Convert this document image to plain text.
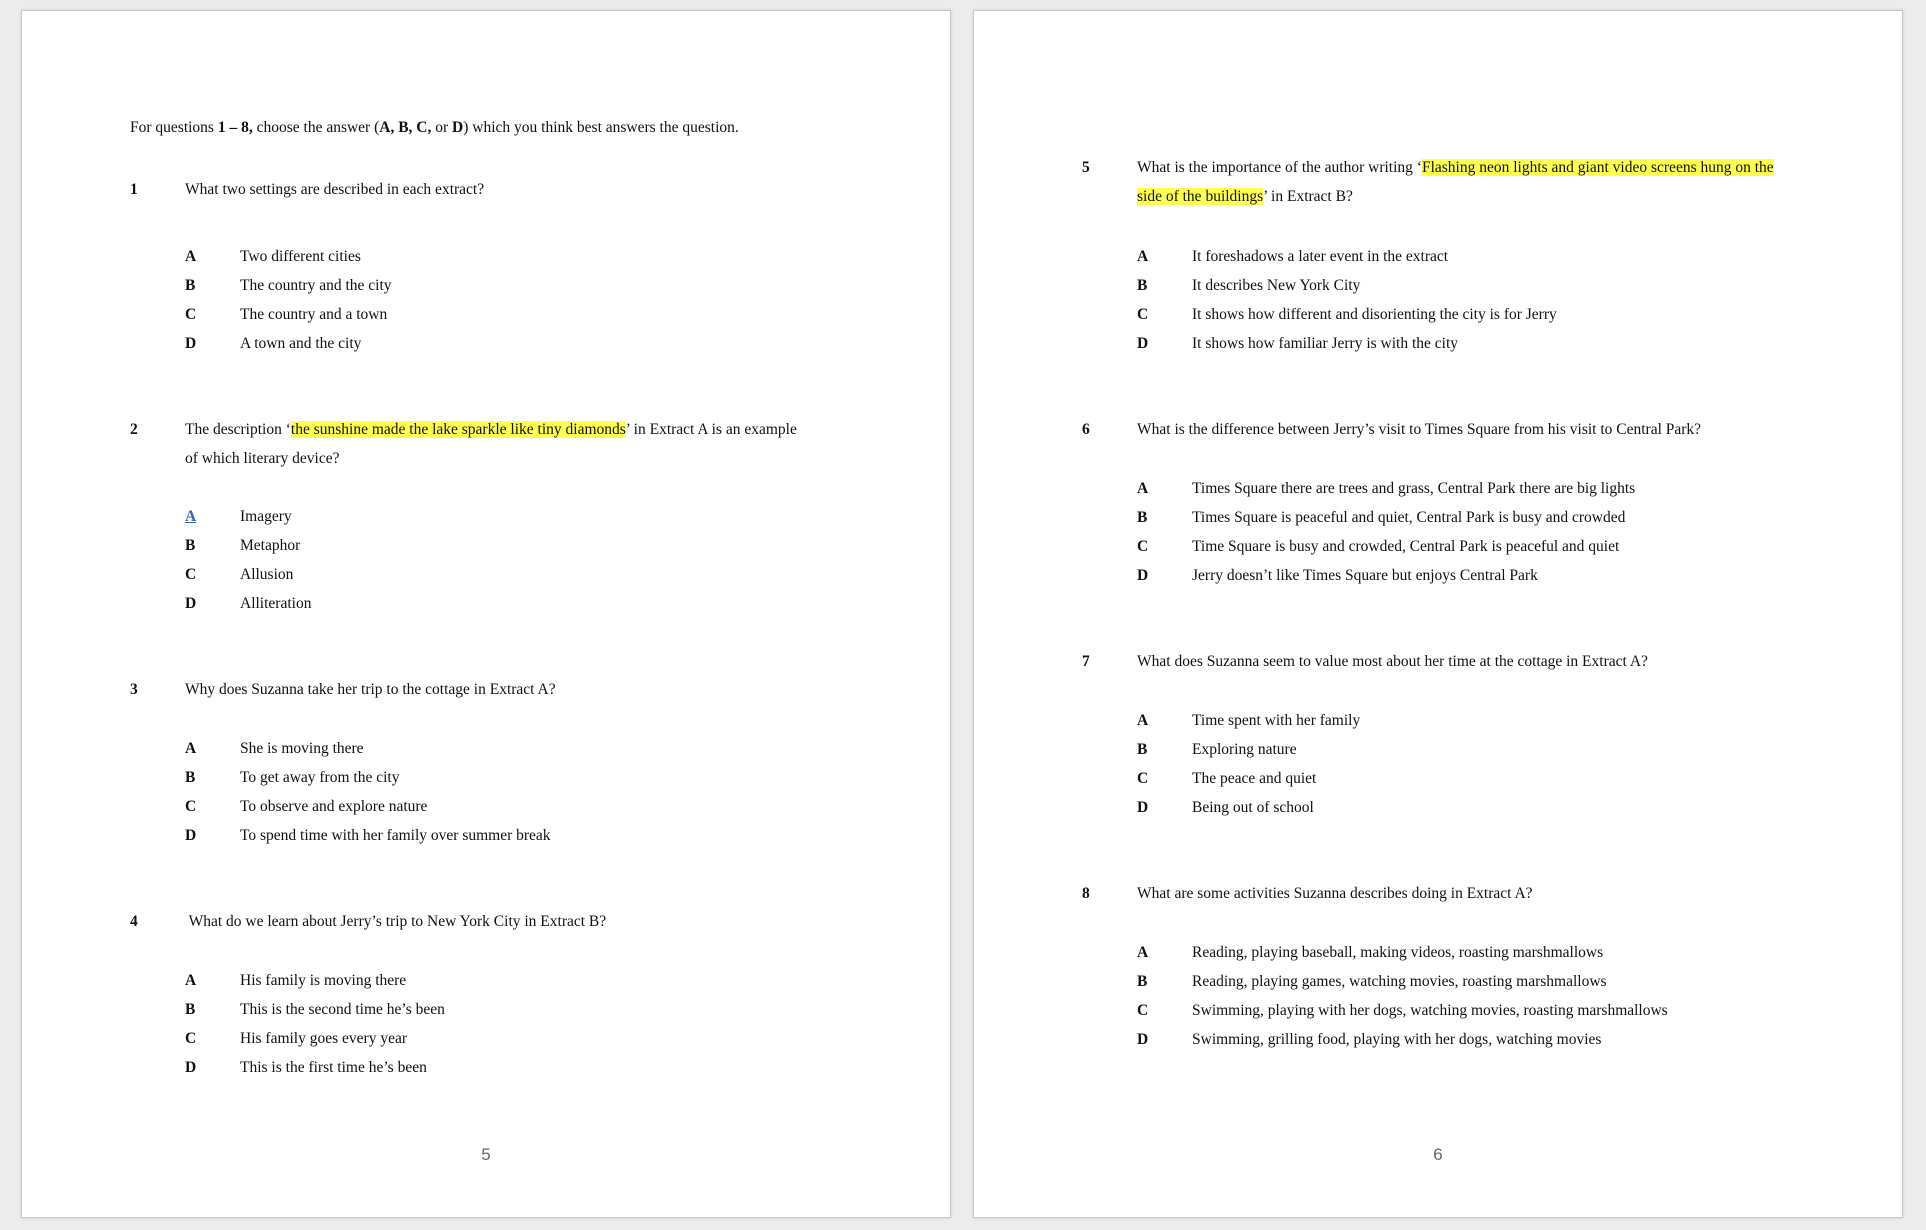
For questions 1 – 8, choose the answer (A, B, C, or D) which you think best answers the question.
1	What two settings are described in each extract?
A	Two different cities
B	The country and the city
C	The country and a town
D	A town and the city
2	The description ‘the sunshine made the lake sparkle like tiny diamonds’ in Extract A is an example of which literary device?
A	Imagery
B	Metaphor
C	Allusion
D	Alliteration
3	Why does Suzanna take her trip to the cottage in Extract A?
A	She is moving there
B	To get away from the city
C	To observe and explore nature
D	To spend time with her family over summer break
4	What do we learn about Jerry’s trip to New York City in Extract B?
A	His family is moving there
B	This is the second time he’s been
C	His family goes every year
D	This is the first time he’s been
5
5	What is the importance of the author writing ‘Flashing neon lights and giant video screens hung on the side of the buildings’ in Extract B?
A	It foreshadows a later event in the extract
B	It describes New York City
C	It shows how different and disorienting the city is for Jerry
D	It shows how familiar Jerry is with the city
6	What is the difference between Jerry’s visit to Times Square from his visit to Central Park?
A	Times Square there are trees and grass, Central Park there are big lights
B	Times Square is peaceful and quiet, Central Park is busy and crowded
C	Time Square is busy and crowded, Central Park is peaceful and quiet
D	Jerry doesn’t like Times Square but enjoys Central Park
7	What does Suzanna seem to value most about her time at the cottage in Extract A?
A	Time spent with her family
B	Exploring nature
C	The peace and quiet
D	Being out of school
8	What are some activities Suzanna describes doing in Extract A?
A	Reading, playing baseball, making videos, roasting marshmallows
B	Reading, playing games, watching movies, roasting marshmallows
C	Swimming, playing with her dogs, watching movies, roasting marshmallows
D	Swimming, grilling food, playing with her dogs, watching movies
6
